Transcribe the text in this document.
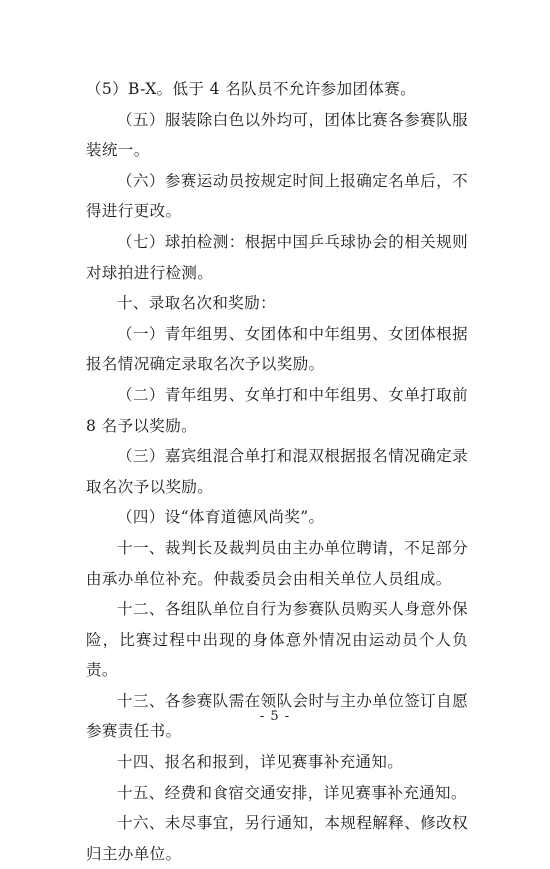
（5）B-X。低于 4 名队员不允许参加团体赛。

（五）服装除白色以外均可，团体比赛各参赛队服装统一。

（六）参赛运动员按规定时间上报确定名单后，不得进行更改。

（七）球拍检测：根据中国乒乓球协会的相关规则对球拍进行检测。

十、录取名次和奖励：

（一）青年组男、女团体和中年组男、女团体根据报名情况确定录取名次予以奖励。

（二）青年组男、女单打和中年组男、女单打取前 8 名予以奖励。

（三）嘉宾组混合单打和混双根据报名情况确定录取名次予以奖励。

（四）设“体育道德风尚奖”。

十一、裁判长及裁判员由主办单位聘请，不足部分由承办单位补充。仲裁委员会由相关单位人员组成。

十二、各组队单位自行为参赛队员购买人身意外保险，比赛过程中出现的身体意外情况由运动员个人负责。

十三、各参赛队需在领队会时与主办单位签订自愿参赛责任书。

十四、报名和报到，详见赛事补充通知。

十五、经费和食宿交通安排，详见赛事补充通知。

十六、未尽事宜，另行通知，本规程解释、修改权归主办单位。

- 5 -
